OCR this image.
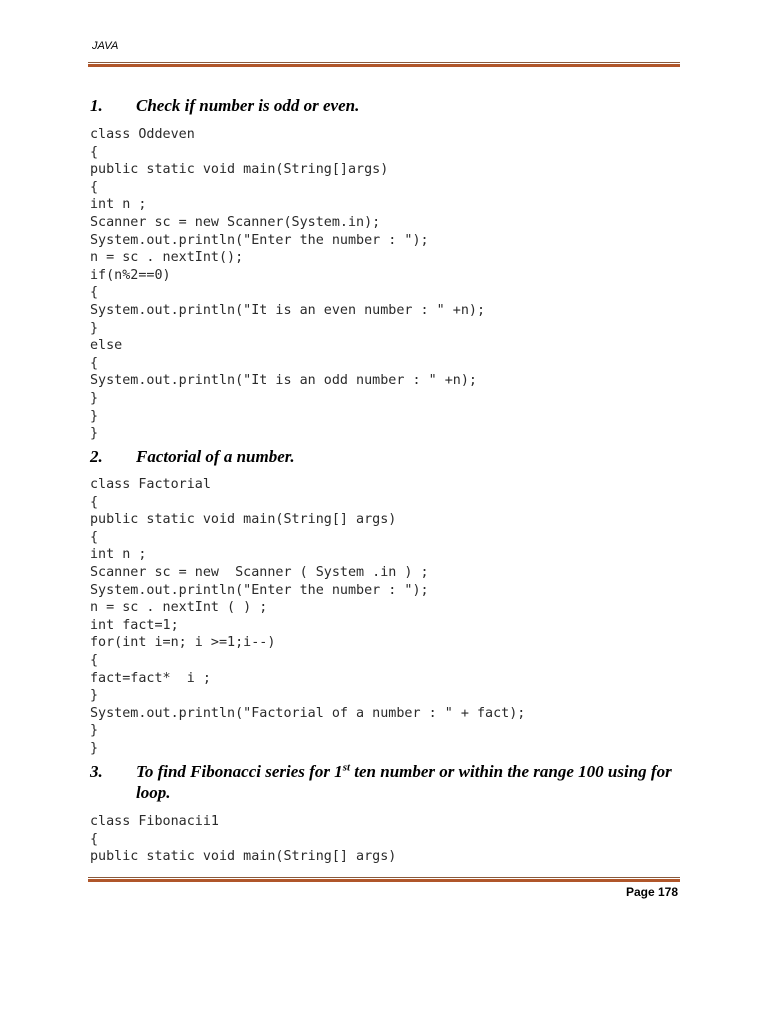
JAVA
1. Check if number is odd or even.
class Oddeven
{
public static void main(String[]args)
{
int n ;
Scanner sc = new Scanner(System.in);
System.out.println("Enter the number : ");
n = sc . nextInt();
if(n%2==0)
{
System.out.println("It is an even number : " +n);
}
else
{
System.out.println("It is an odd number : " +n);
}
}
}
2. Factorial of a number.
class Factorial
{
public static void main(String[] args)
{
int n ;
Scanner sc = new  Scanner ( System .in ) ;
System.out.println("Enter the number : ");
n = sc . nextInt ( ) ;
int fact=1;
for(int i=n; i >=1;i--)
{
fact=fact*  i ;
}
System.out.println("Factorial of a number : " + fact);
}
}
3. To find Fibonacci series for 1st ten number or within the range 100 using for loop.
class Fibonacii1
{
public static void main(String[] args)
Page 178
